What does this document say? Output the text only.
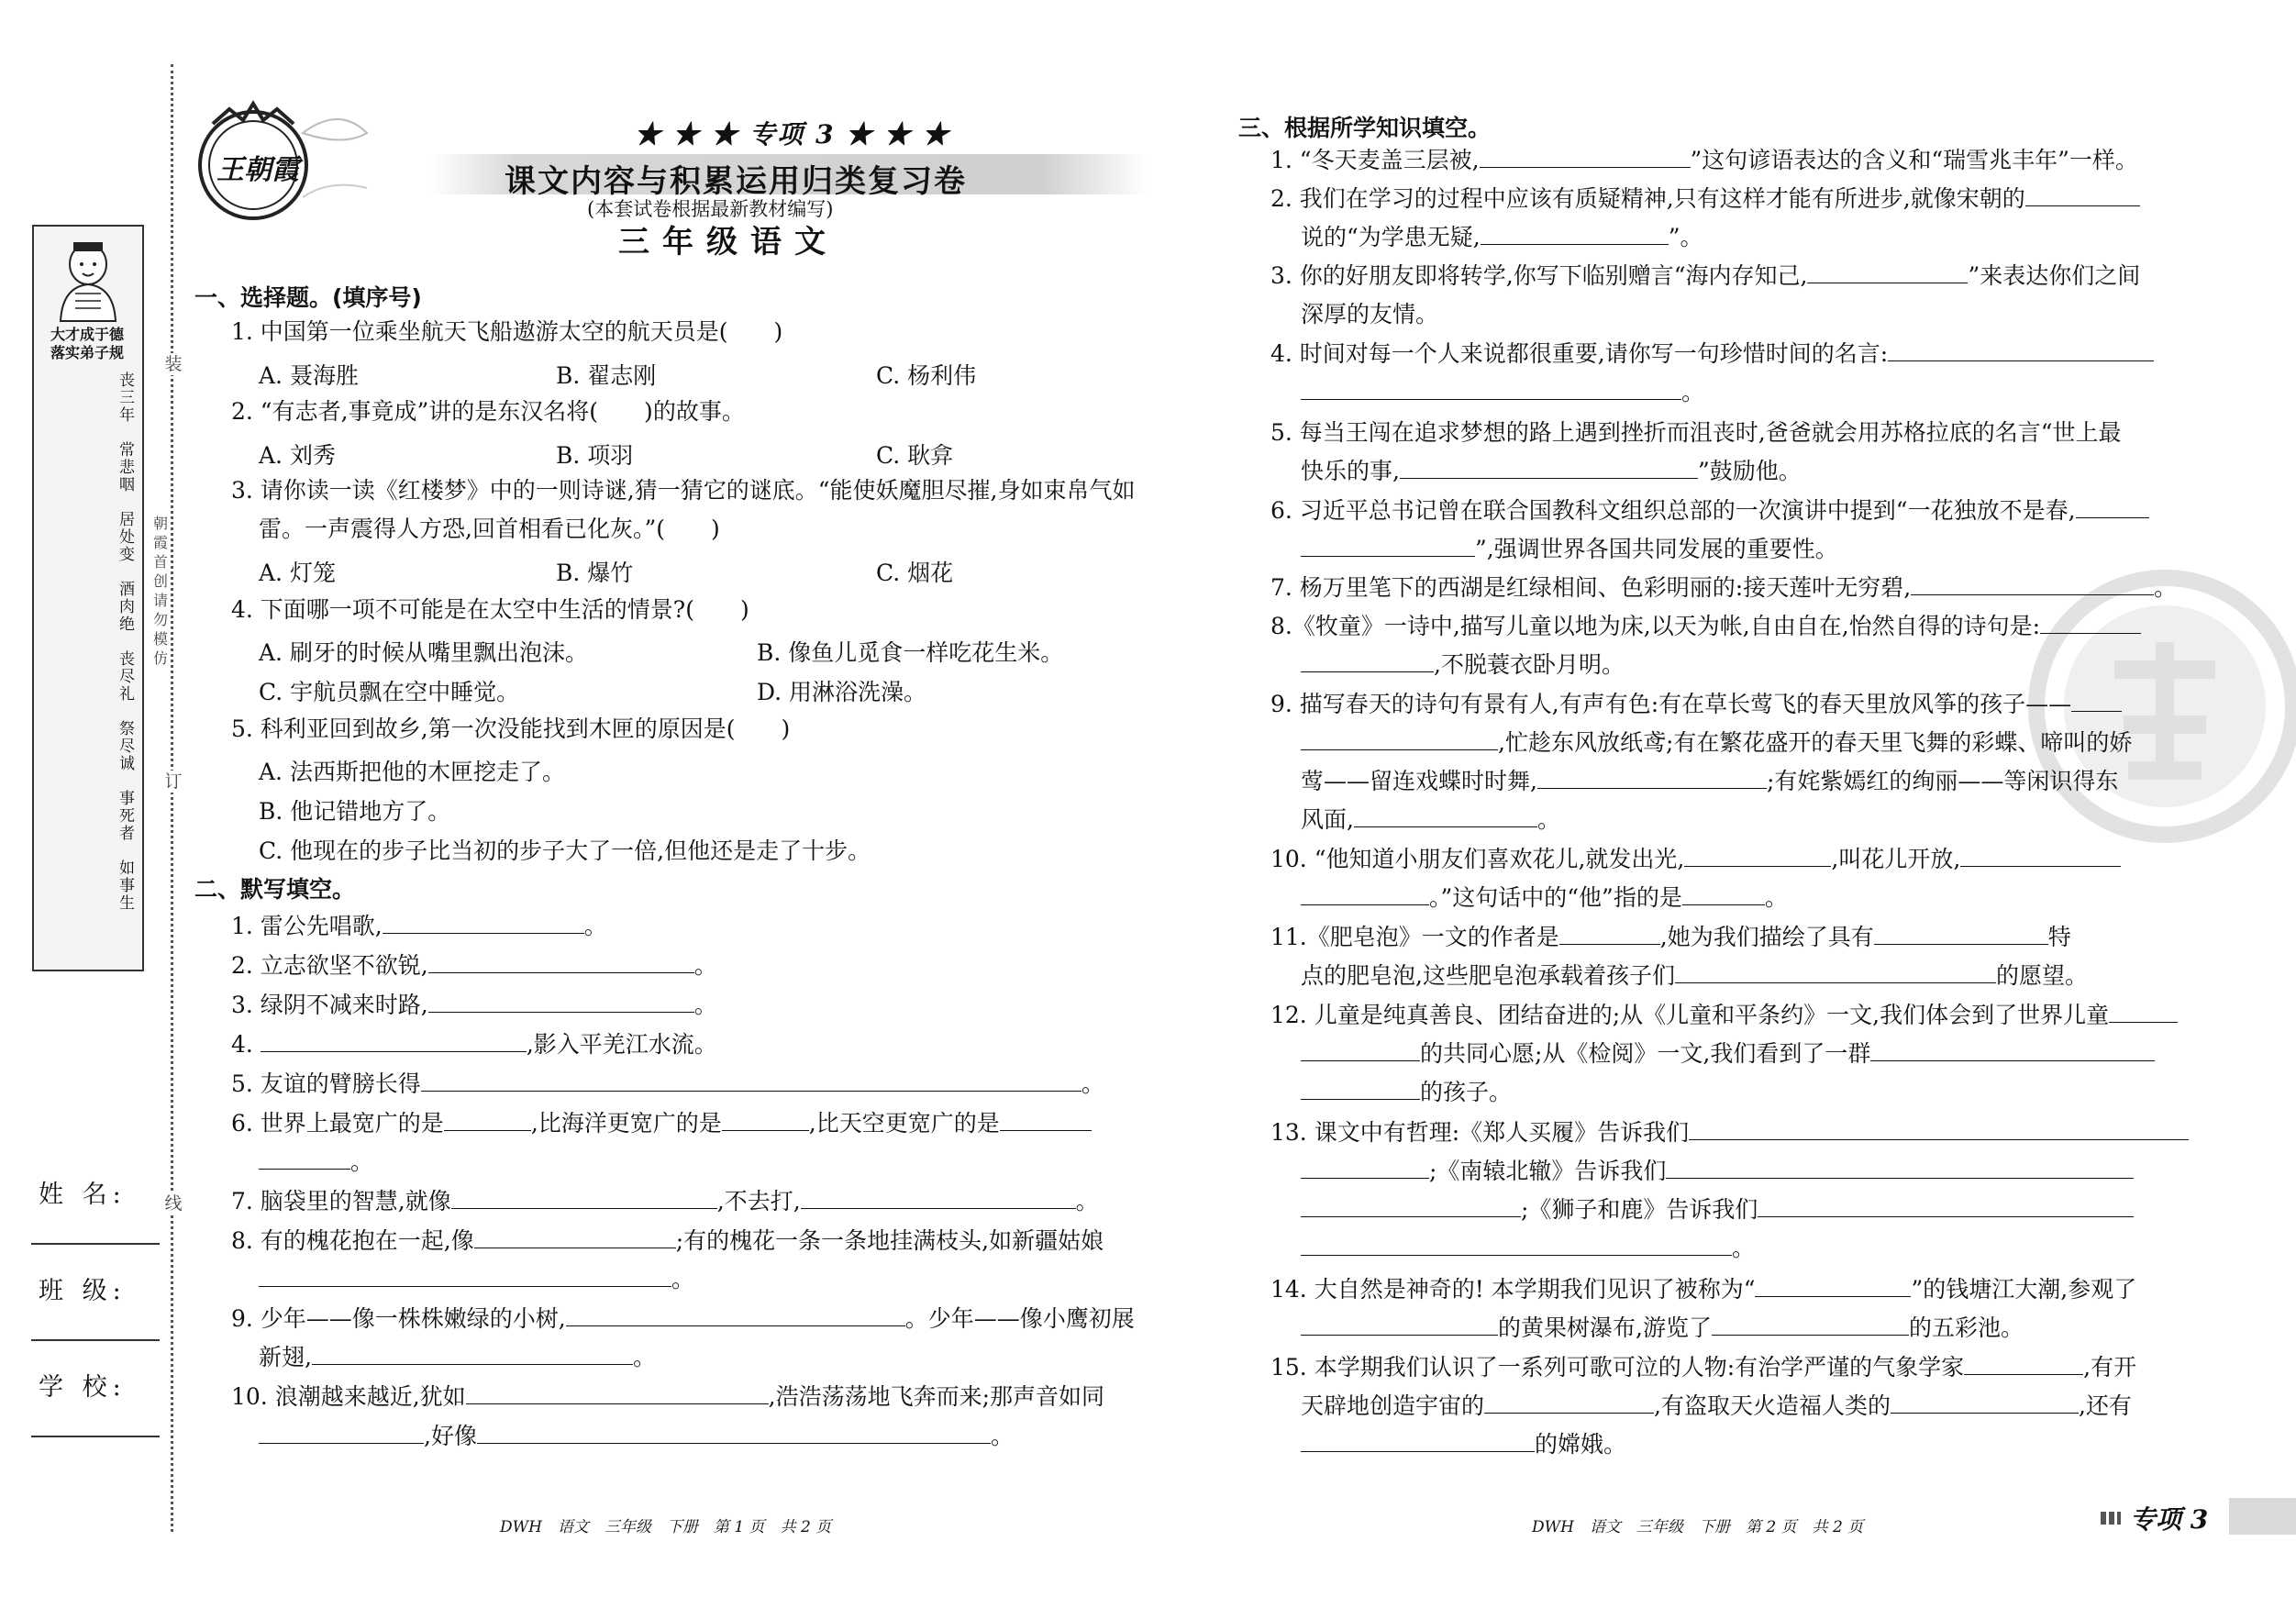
装
订
线
朝霞首创 请勿模仿
大才成于德
落实弟子规
丧三年　常悲咽　居处变　酒肉绝　丧尽礼　祭尽诚　事死者　如事生
姓 名:
班 级:
学 校:
王朝霞
★ ★ ★ 专项 3 ★ ★ ★
课文内容与积累运用归类复习卷
(本套试卷根据最新教材编写)
三年级语文
一、选择题。(填序号)
1. 中国第一位乘坐航天飞船遨游太空的航天员是(　　)
A. 聂海胜	B. 翟志刚	C. 杨利伟
2. “有志者,事竟成”讲的是东汉名将(　　)的故事。
A. 刘秀	B. 项羽	C. 耿弇
3. 请你读一读《红楼梦》中的一则诗谜,猜一猜它的谜底。“能使妖魔胆尽摧,身如束帛气如
雷。一声震得人方恐,回首相看已化灰。”(　　)
A. 灯笼	B. 爆竹	C. 烟花
4. 下面哪一项不可能是在太空中生活的情景?(　　)
A. 刷牙的时候从嘴里飘出泡沫。	B. 像鱼儿觅食一样吃花生米。
C. 宇航员飘在空中睡觉。	D. 用淋浴洗澡。
5. 科利亚回到故乡,第一次没能找到木匣的原因是(　　)
A. 法西斯把他的木匣挖走了。
B. 他记错地方了。
C. 他现在的步子比当初的步子大了一倍,但他还是走了十步。
二、默写填空。
1. 雷公先唱歌,	。
2. 立志欲坚不欲锐,	。
3. 绿阴不减来时路,	。
4.	,影入平羌江水流。
5. 友谊的臂膀长得	。
6. 世界上最宽广的是	,比海洋更宽广的是	,比天空更宽广的是
。
7. 脑袋里的智慧,就像	,不去打,	。
8. 有的槐花抱在一起,像	;有的槐花一条一条地挂满枝头,如新疆姑娘
。
9. 少年——像一株株嫩绿的小树,	。少年——像小鹰初展
新翅,	。
10. 浪潮越来越近,犹如	,浩浩荡荡地飞奔而来;那声音如同
,好像	。
DWH　语文　三年级　下册　第 1 页　共 2 页
三、根据所学知识填空。
1. “冬天麦盖三层被,	”这句谚语表达的含义和“瑞雪兆丰年”一样。
2. 我们在学习的过程中应该有质疑精神,只有这样才能有所进步,就像宋朝的
说的“为学患无疑,	”。
3. 你的好朋友即将转学,你写下临别赠言“海内存知己,	”来表达你们之间
深厚的友情。
4. 时间对每一个人来说都很重要,请你写一句珍惜时间的名言:
。
5. 每当王闯在追求梦想的路上遇到挫折而沮丧时,爸爸就会用苏格拉底的名言“世上最
快乐的事,	”鼓励他。
6. 习近平总书记曾在联合国教科文组织总部的一次演讲中提到“一花独放不是春,
”,强调世界各国共同发展的重要性。
7. 杨万里笔下的西湖是红绿相间、色彩明丽的:接天莲叶无穷碧,	。
8.《牧童》一诗中,描写儿童以地为床,以天为帐,自由自在,怡然自得的诗句是:
,不脱蓑衣卧月明。
9. 描写春天的诗句有景有人,有声有色:有在草长莺飞的春天里放风筝的孩子——
,忙趁东风放纸鸢;有在繁花盛开的春天里飞舞的彩蝶、啼叫的娇
莺——留连戏蝶时时舞,	;有姹紫嫣红的绚丽——等闲识得东
风面,	。
10. “他知道小朋友们喜欢花儿,就发出光,	,叫花儿开放,
。”这句话中的“他”指的是	。
11.《肥皂泡》一文的作者是	,她为我们描绘了具有	特
点的肥皂泡,这些肥皂泡承载着孩子们	的愿望。
12. 儿童是纯真善良、团结奋进的;从《儿童和平条约》一文,我们体会到了世界儿童
的共同心愿;从《检阅》一文,我们看到了一群
的孩子。
13. 课文中有哲理:《郑人买履》告诉我们
;《南辕北辙》告诉我们
;《狮子和鹿》告诉我们
。
14. 大自然是神奇的! 本学期我们见识了被称为“	”的钱塘江大潮,参观了
的黄果树瀑布,游览了	的五彩池。
15. 本学期我们认识了一系列可歌可泣的人物:有治学严谨的气象学家	,有开
天辟地创造宇宙的	,有盗取天火造福人类的	,还有
的嫦娥。
DWH　语文　三年级　下册　第 2 页　共 2 页	专项 3
